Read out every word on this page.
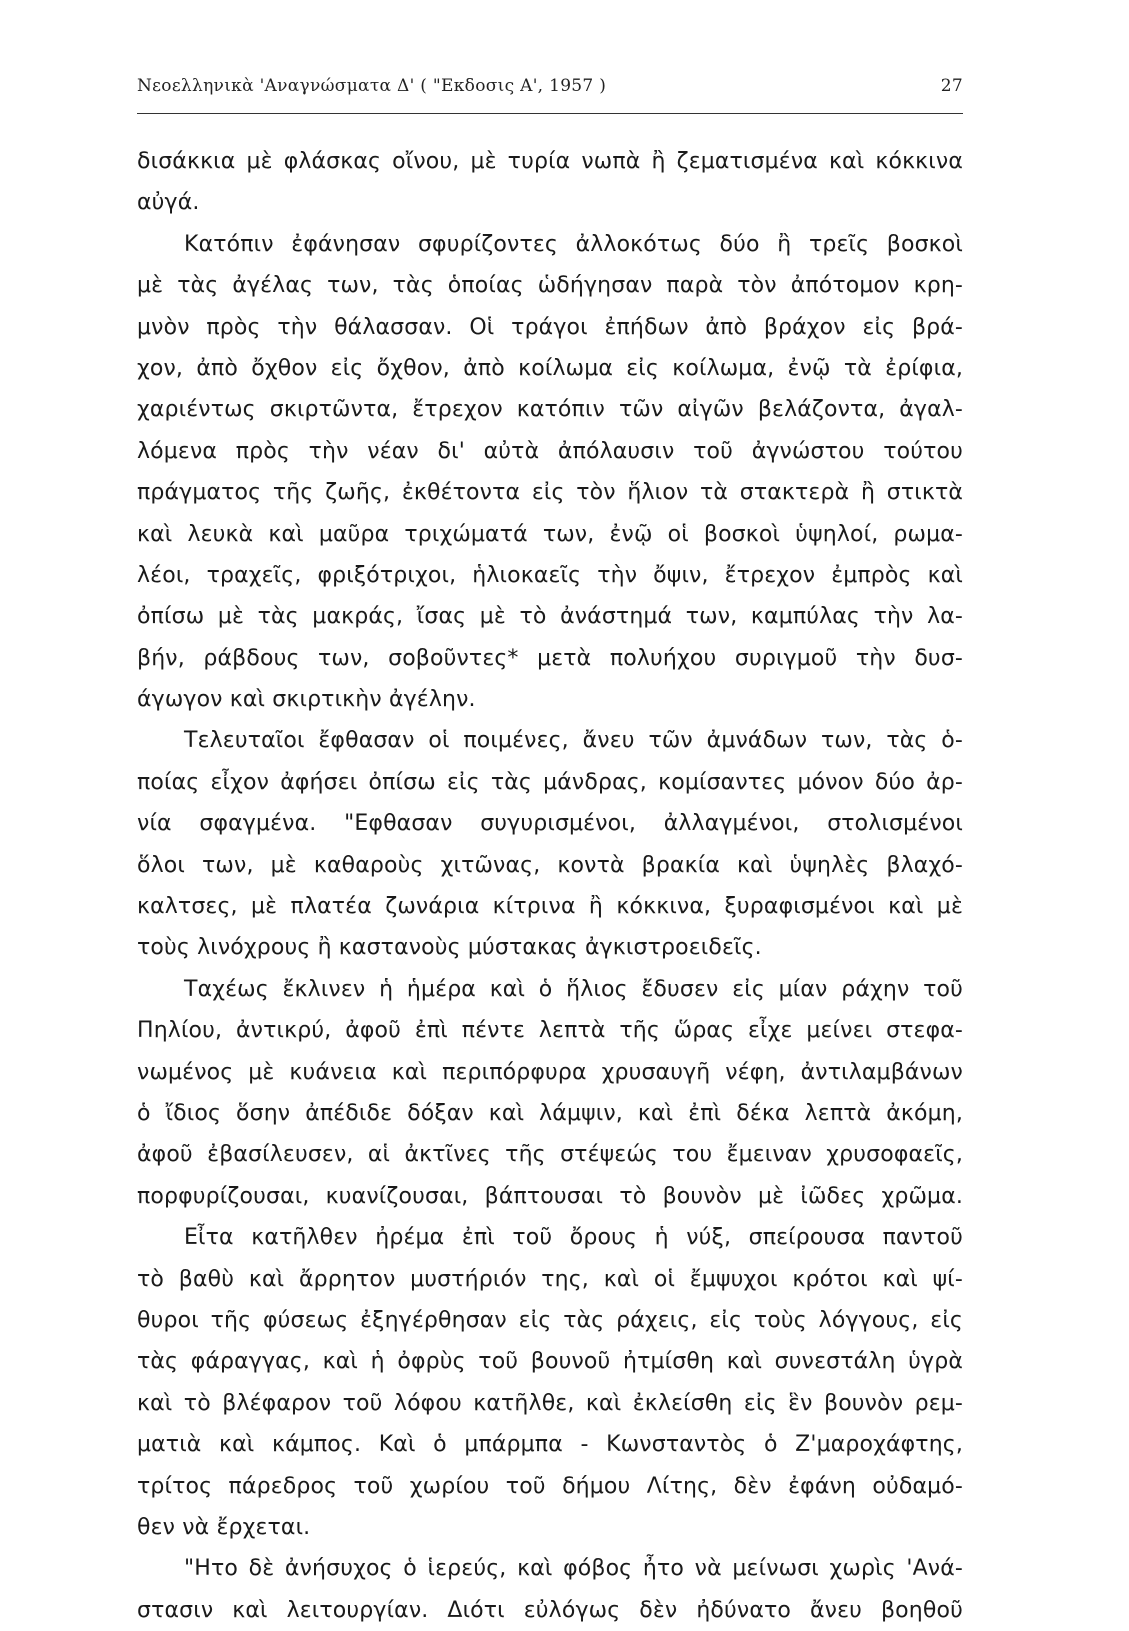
Νεοελληνικὰ 'Αναγνώσματα Δ' ( "Εκδοσις Α', 1957 )	27
δισάκκια μὲ φλάσκας οἴνου, μὲ τυρία νωπὰ ἢ ζεματισμένα καὶ κόκκινα
αὐγά.
Κατόπιν ἐφάνησαν σφυρίζοντες ἀλλοκότως δύο ἢ τρεῖς βοσκοὶ
μὲ τὰς ἀγέλας των, τὰς ὁποίας ὡδήγησαν παρὰ τὸν ἀπότομον κρη-
μνὸν πρὸς τὴν θάλασσαν. Οἱ τράγοι ἐπήδων ἀπὸ βράχον εἰς βρά-
χον, ἀπὸ ὄχθον εἰς ὄχθον, ἀπὸ κοίλωμα εἰς κοίλωμα, ἐνῷ τὰ ἐρίφια,
χαριέντως σκιρτῶντα, ἔτρεχον κατόπιν τῶν αἰγῶν βελάζοντα, ἀγαλ-
λόμενα πρὸς τὴν νέαν δι' αὐτὰ ἀπόλαυσιν τοῦ ἀγνώστου τούτου
πράγματος τῆς ζωῆς, ἐκθέτοντα εἰς τὸν ἥλιον τὰ στακτερὰ ἢ στικτὰ
καὶ λευκὰ καὶ μαῦρα τριχώματά των, ἐνῷ οἱ βοσκοὶ ὑψηλοί, ρωμα-
λέοι, τραχεῖς, φριξότριχοι, ἡλιοκαεῖς τὴν ὄψιν, ἔτρεχον ἐμπρὸς καὶ
ὀπίσω μὲ τὰς μακράς, ἴσας μὲ τὸ ἀνάστημά των, καμπύλας τὴν λα-
βήν, ράβδους των, σοβοῦντες* μετὰ πολυήχου συριγμοῦ τὴν δυσ-
άγωγον καὶ σκιρτικὴν ἀγέλην.
Τελευταῖοι ἔφθασαν οἱ ποιμένες, ἄνευ τῶν ἀμνάδων των, τὰς ὁ-
ποίας εἶχον ἀφήσει ὀπίσω εἰς τὰς μάνδρας, κομίσαντες μόνον δύο ἀρ-
νία σφαγμένα. "Εφθασαν συγυρισμένοι, ἀλλαγμένοι, στολισμένοι
ὅλοι των, μὲ καθαροὺς χιτῶνας, κοντὰ βρακία καὶ ὑψηλὲς βλαχό-
καλτσες, μὲ πλατέα ζωνάρια κίτρινα ἢ κόκκινα, ξυραφισμένοι καὶ μὲ
τοὺς λινόχρους ἢ καστανοὺς μύστακας ἀγκιστροειδεῖς.
Ταχέως ἔκλινεν ἡ ἡμέρα καὶ ὁ ἥλιος ἔδυσεν εἰς μίαν ράχην τοῦ
Πηλίου, ἀντικρύ, ἀφοῦ ἐπὶ πέντε λεπτὰ τῆς ὥρας εἶχε μείνει στεφα-
νωμένος μὲ κυάνεια καὶ περιπόρφυρα χρυσαυγῆ νέφη, ἀντιλαμβάνων
ὁ ἴδιος ὅσην ἀπέδιδε δόξαν καὶ λάμψιν, καὶ ἐπὶ δέκα λεπτὰ ἀκόμη,
ἀφοῦ ἐβασίλευσεν, αἱ ἀκτῖνες τῆς στέψεώς του ἔμειναν χρυσοφαεῖς,
πορφυρίζουσαι, κυανίζουσαι, βάπτουσαι τὸ βουνὸν μὲ ἰῶδες χρῶμα.
Εἶτα κατῆλθεν ἠρέμα ἐπὶ τοῦ ὄρους ἡ νύξ, σπείρουσα παντοῦ
τὸ βαθὺ καὶ ἄρρητον μυστήριόν της, καὶ οἱ ἔμψυχοι κρότοι καὶ ψί-
θυροι τῆς φύσεως ἐξηγέρθησαν εἰς τὰς ράχεις, εἰς τοὺς λόγγους, εἰς
τὰς φάραγγας, καὶ ἡ ὀφρὺς τοῦ βουνοῦ ἠτμίσθη καὶ συνεστάλη ὑγρὰ
καὶ τὸ βλέφαρον τοῦ λόφου κατῆλθε, καὶ ἐκλείσθη εἰς ἓν βουνὸν ρεμ-
ματιὰ καὶ κάμπος. Καὶ ὁ μπάρμπα - Κωνσταντὸς ὁ Ζ'μαροχάφτης,
τρίτος πάρεδρος τοῦ χωρίου τοῦ δήμου Λίτης, δὲν ἐφάνη οὐδαμό-
θεν νὰ ἔρχεται.
"Ητο δὲ ἀνήσυχος ὁ ἱερεύς, καὶ φόβος ἦτο νὰ μείνωσι χωρὶς 'Ανά-
στασιν καὶ λειτουργίαν. Διότι εὐλόγως δὲν ἠδύνατο ἄνευ βοηθοῦ
